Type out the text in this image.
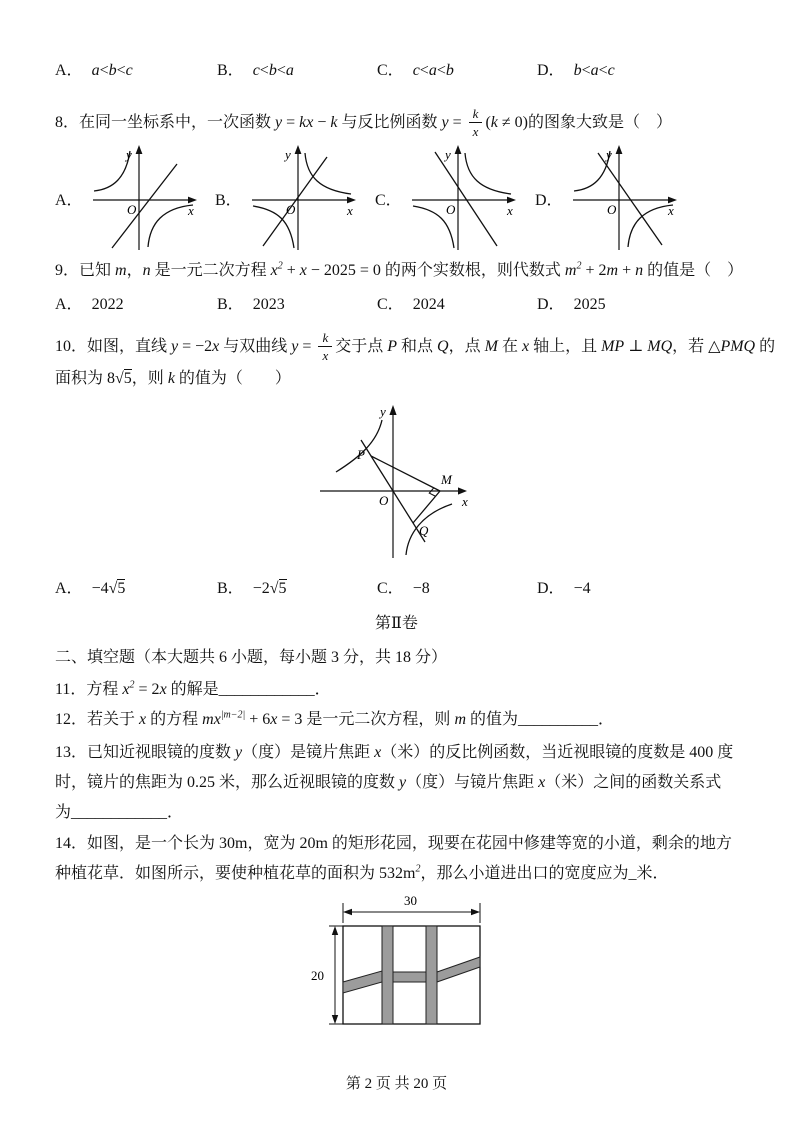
A． a<b<c	B． c<b<a	C． c<a<b	D． b<a<c
8．在同一坐标系中，一次函数 y = kx − k 与反比例函数 $y = \frac{k}{x} (k \ne 0)$的图象大致是（　）
A．
y
x
O
B．
y
x
O
C．
y
x
O
D．
y
x
O
9．已知 m，n 是一元二次方程 $x^2 + x - 2025 = 0$ 的两个实数根，则代数式 $m^2 + 2m + n$ 的值是（　）
A． 2022	B． 2023	C． 2024	D． 2025
10．如图，直线 y = −2x 与双曲线 $y = \frac{k}{x}$ 交于点 P 和点 Q，点 M 在 x 轴上，且 MP ⊥ MQ，若 △PMQ 的
面积为 8√5，则 k 的值为（　　）
y
x
O
P
M
Q
A． −4√5	B． −2√5	C． −8	D． −4
第Ⅱ卷
二、填空题（本大题共 6 小题，每小题 3 分，共 18 分）
11．方程 $x^2 = 2x$ 的解是____________．
12．若关于 x 的方程 $mx^{|m-2|} + 6x = 3$ 是一元二次方程，则 m 的值为__________．
13．已知近视眼镜的度数 y（度）是镜片焦距 x（米）的反比例函数，当近视眼镜的度数是 400 度
时，镜片的焦距为 0.25 米，那么近视眼镜的度数 y（度）与镜片焦距 x（米）之间的函数关系式
为____________．
14．如图，是一个长为 30m，宽为 20m 的矩形花园，现要在花园中修建等宽的小道，剩余的地方
种植花草．如图所示，要使种植花草的面积为 $532m^2$，那么小道进出口的宽度应为_米．
30
20
第 2 页 共 20 页
